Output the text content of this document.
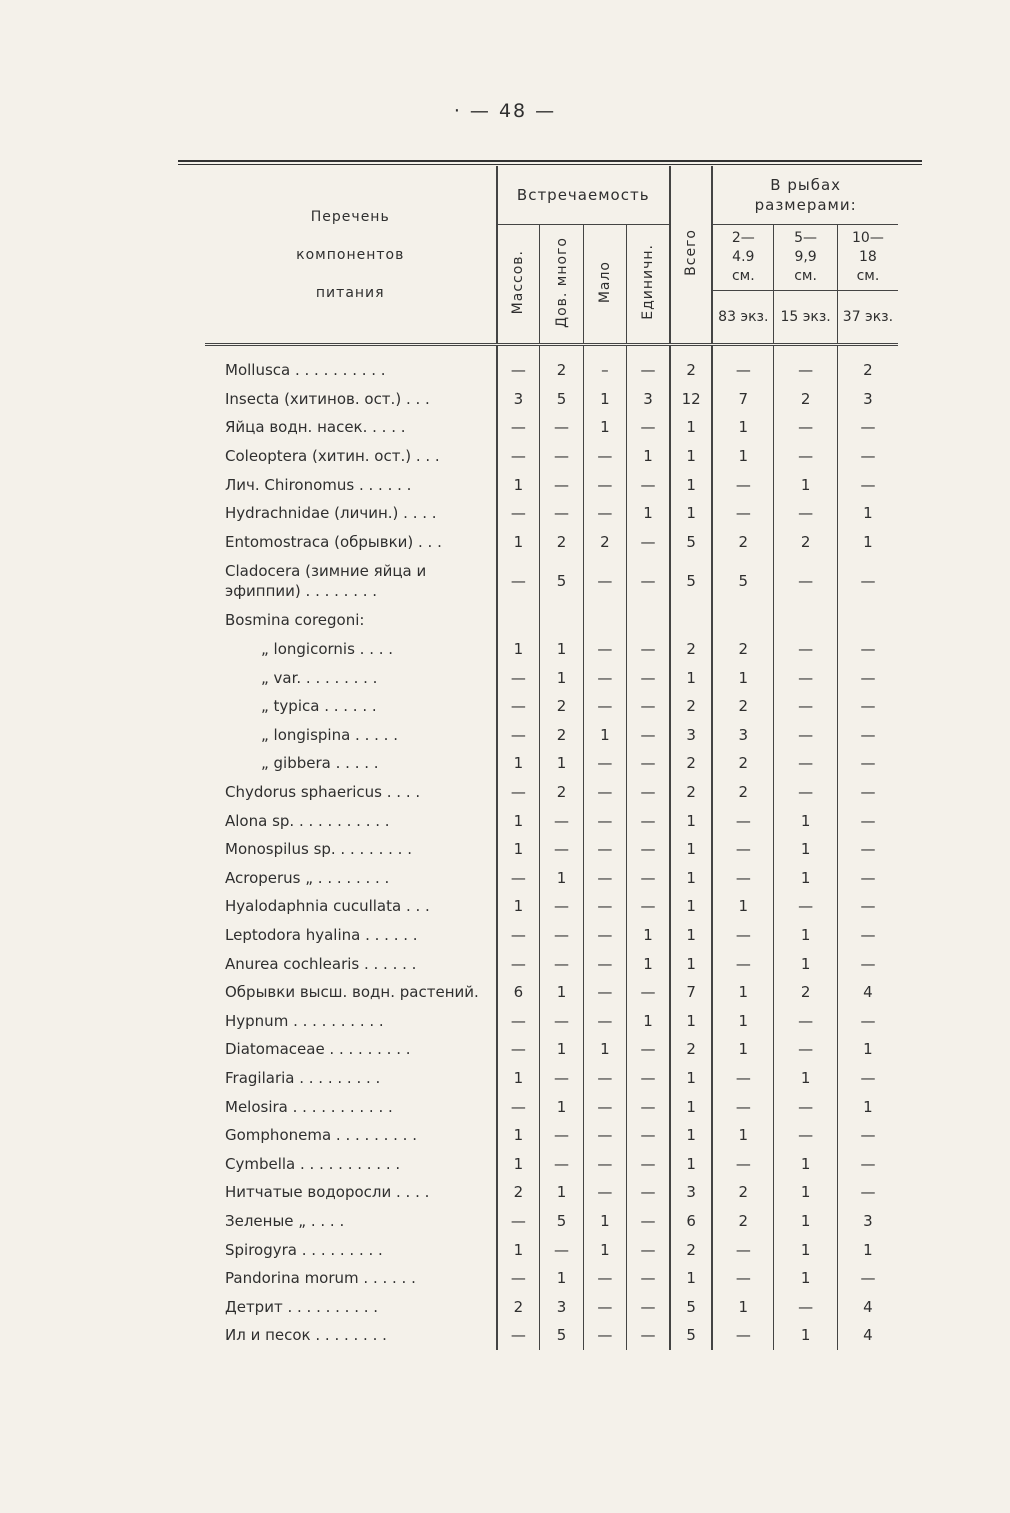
· — 48 —
Перечень компонентов питания	Встречаемость				Всего	В рыбах размерами:		

	Массов.	Дов. много	Мало	Единичн.		2—4.9 см.	5—9,9 см.	10—18 см.

						83 экз.	15 экз.	37 экз.

Mollusca . . . . . . . . . .	—	2	–	—	2	—	—	2
Insecta (хитинов. ост.) . . .	3	5	1	3	12	7	2	3
Яйца водн. насек. . . . .	—	—	1	—	1	1	—	—
Coleoptera (хитин. ост.) . . .	—	—	—	1	1	1	—	—
Лич. Chironomus . . . . . .	1	—	—	—	1	—	1	—
Hydrachnidae (личин.) . . . .	—	—	—	1	1	—	—	1
Entomostraca (обрывки) . . .	1	2	2	—	5	2	2	1
Cladocera (зимние яйца и эфиппии) . . . . . . . .	—	5	—	—	5	5	—	—
Bosmina coregoni:								
„ longicornis . . . .	1	1	—	—	2	2	—	—
„ var. . . . . . . . .	—	1	—	—	1	1	—	—
„ typica . . . . . .	—	2	—	—	2	2	—	—
„ longispina . . . . .	—	2	1	—	3	3	—	—
„ gibbera . . . . .	1	1	—	—	2	2	—	—
Chydorus sphaericus . . . .	—	2	—	—	2	2	—	—
Alona sp. . . . . . . . . . .	1	—	—	—	1	—	1	—
Monospilus sp. . . . . . . . .	1	—	—	—	1	—	1	—
Acroperus „ . . . . . . . .	—	1	—	—	1	—	1	—
Hyalodaphnia cucullata . . .	1	—	—	—	1	1	—	—
Leptodora hyalina . . . . . .	—	—	—	1	1	—	1	—
Anurea cochlearis . . . . . .	—	—	—	1	1	—	1	—
Обрывки высш. водн. растений.	6	1	—	—	7	1	2	4
Hypnum . . . . . . . . . .	—	—	—	1	1	1	—	—
Diatomaceae . . . . . . . . .	—	1	1	—	2	1	—	1
Fragilaria . . . . . . . . .	1	—	—	—	1	—	1	—
Melosira . . . . . . . . . . .	—	1	—	—	1	—	—	1
Gomphonema . . . . . . . . .	1	—	—	—	1	1	—	—
Cymbella . . . . . . . . . . .	1	—	—	—	1	—	1	—
Нитчатые водоросли . . . .	2	1	—	—	3	2	1	—
Зеленые „ . . . .	—	5	1	—	6	2	1	3
Spirogyra . . . . . . . . .	1	—	1	—	2	—	1	1
Pandorina morum . . . . . .	—	1	—	—	1	—	1	—
Детрит . . . . . . . . . .	2	3	—	—	5	1	—	4
Ил и песок . . . . . . . .	—	5	—	—	5	—	1	4
